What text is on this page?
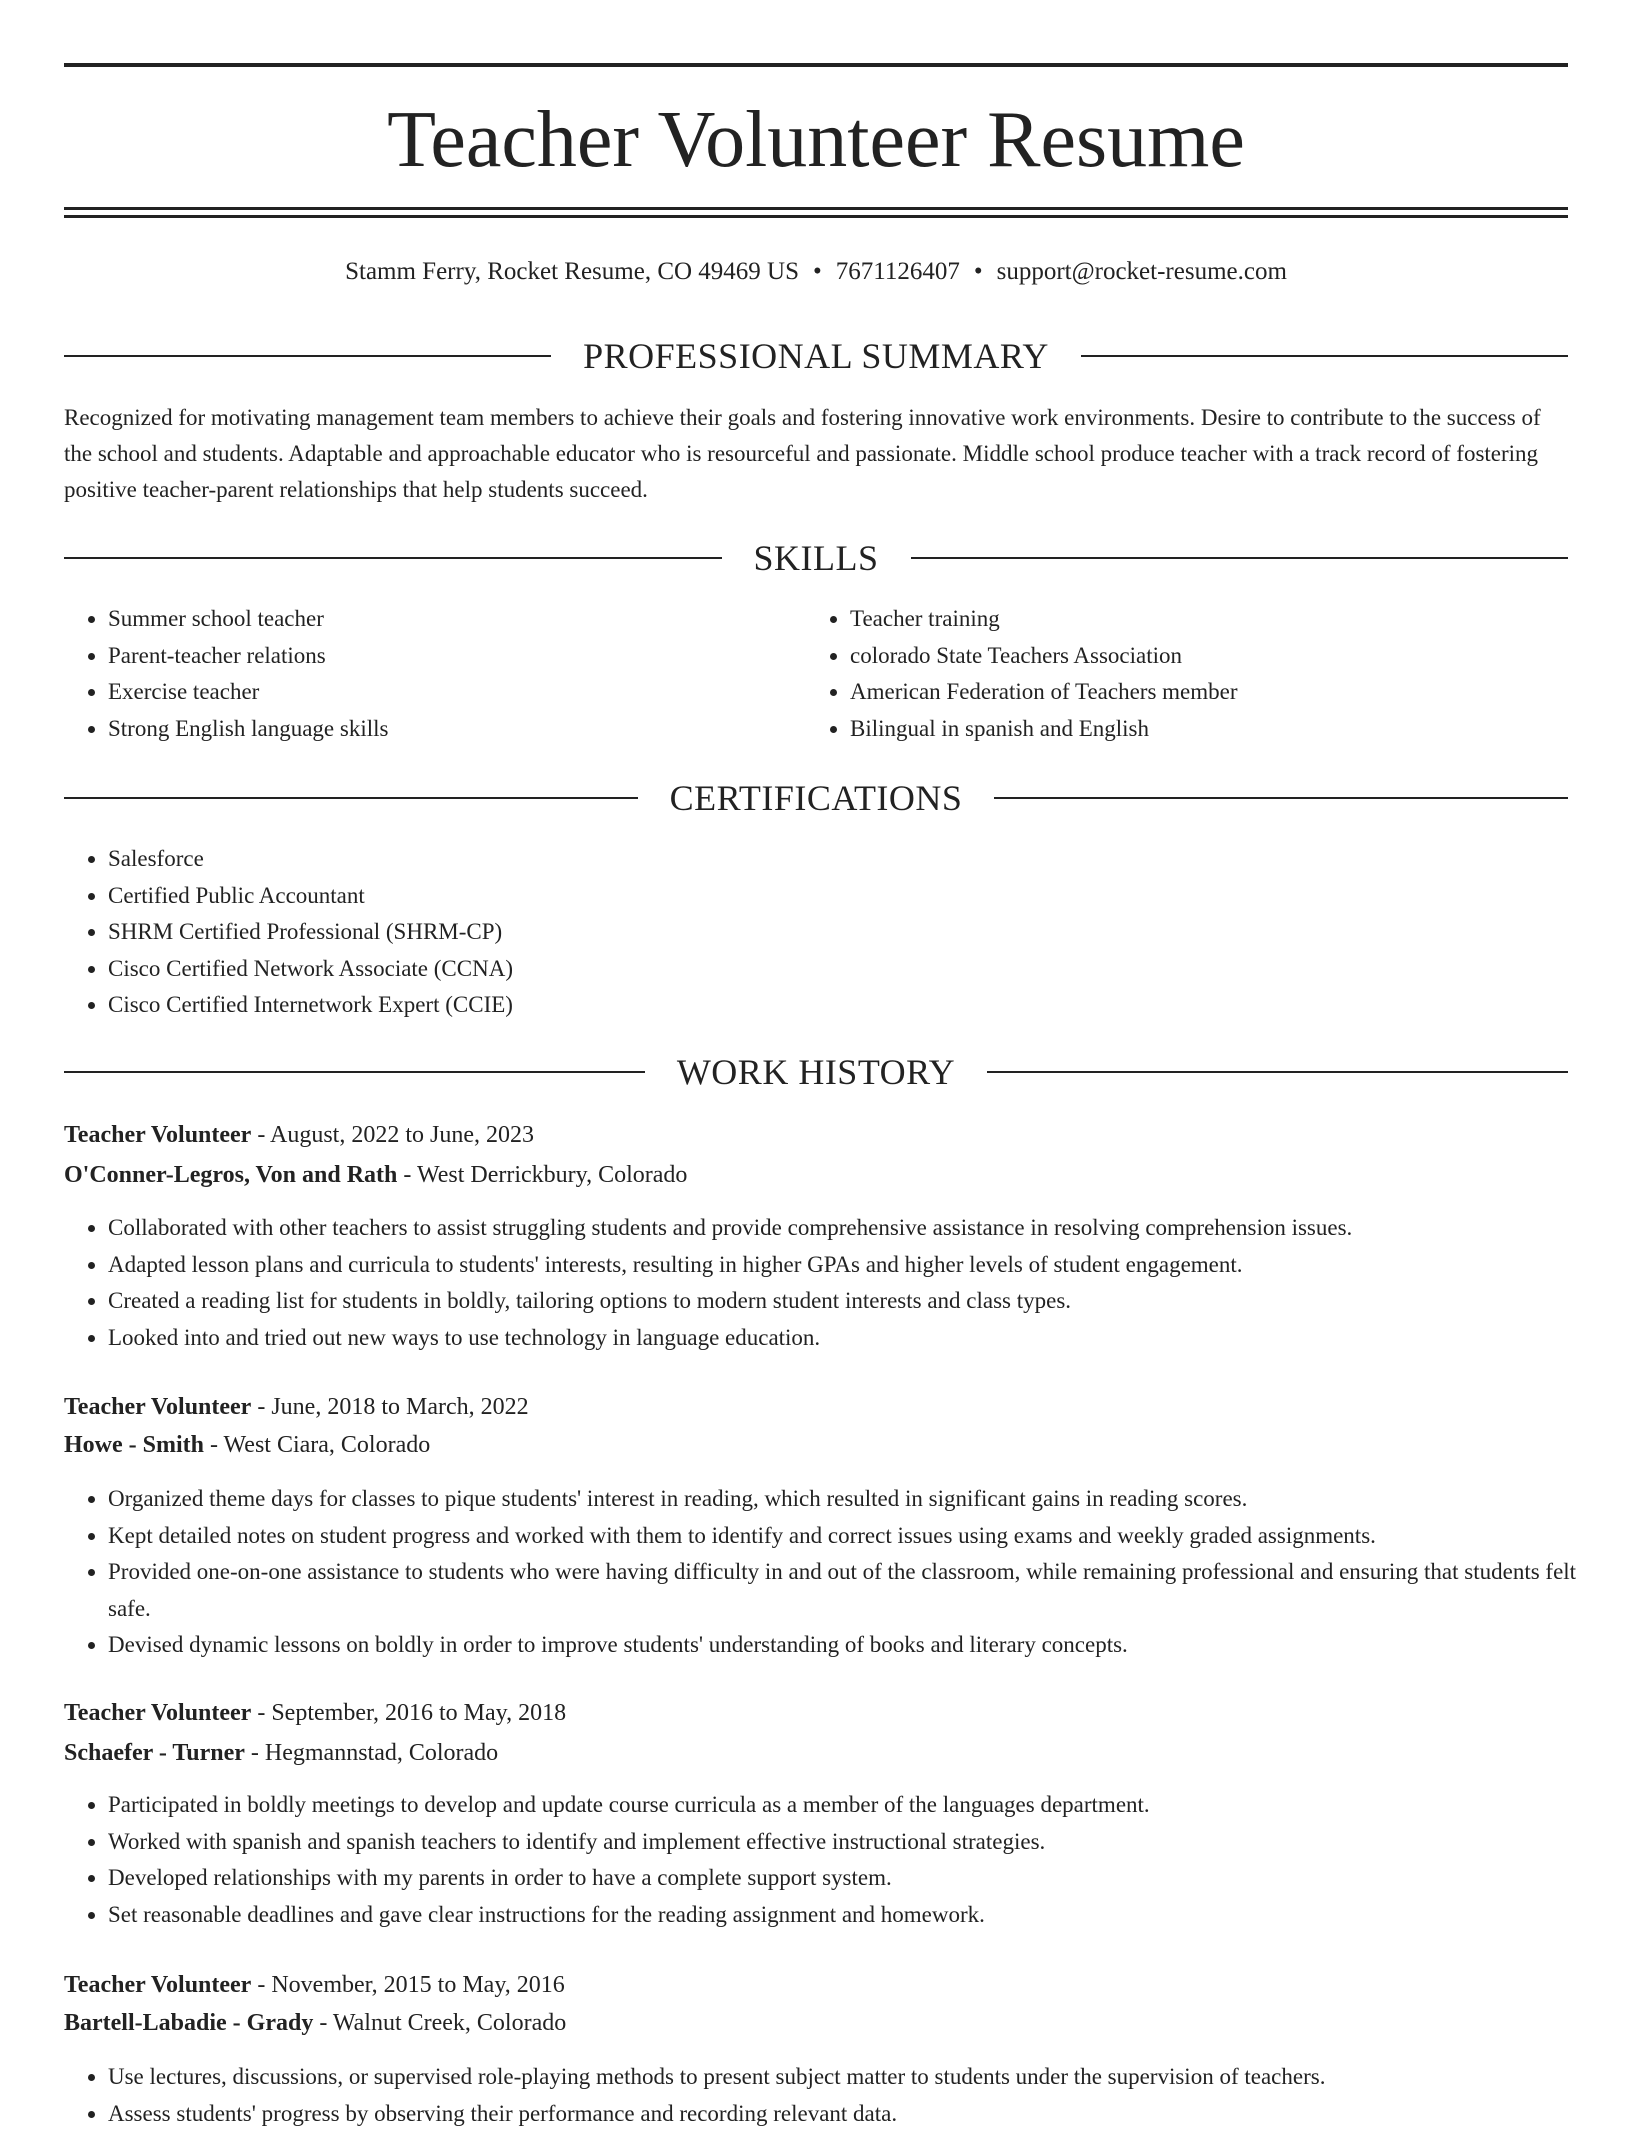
Teacher Volunteer Resume
Stamm Ferry, Rocket Resume, CO 49469 US • 7671126407 • support@rocket-resume.com
PROFESSIONAL SUMMARY

Recognized for motivating management team members to achieve their goals and fostering innovative work environments. Desire to contribute to the success of the school and students. Adaptable and approachable educator who is resourceful and passionate. Middle school produce teacher with a track record of fostering positive teacher-parent relationships that help students succeed.

SKILLS
• Summer school teacher
• Parent-teacher relations
• Exercise teacher
• Strong English language skills
• Teacher training
• colorado State Teachers Association
• American Federation of Teachers member
• Bilingual in spanish and English
CERTIFICATIONS
• Salesforce
• Certified Public Accountant
• SHRM Certified Professional (SHRM-CP)
• Cisco Certified Network Associate (CCNA)
• Cisco Certified Internetwork Expert (CCIE)
WORK HISTORY
Teacher Volunteer - August, 2022 to June, 2023
O'Conner-Legros, Von and Rath - West Derrickbury, Colorado
• Collaborated with other teachers to assist struggling students and provide comprehensive assistance in resolving comprehension issues.
• Adapted lesson plans and curricula to students' interests, resulting in higher GPAs and higher levels of student engagement.
• Created a reading list for students in boldly, tailoring options to modern student interests and class types.
• Looked into and tried out new ways to use technology in language education.
Teacher Volunteer - June, 2018 to March, 2022
Howe - Smith - West Ciara, Colorado
• Organized theme days for classes to pique students' interest in reading, which resulted in significant gains in reading scores.
• Kept detailed notes on student progress and worked with them to identify and correct issues using exams and weekly graded assignments.
• Provided one-on-one assistance to students who were having difficulty in and out of the classroom, while remaining professional and ensuring that students felt safe.
• Devised dynamic lessons on boldly in order to improve students' understanding of books and literary concepts.
Teacher Volunteer - September, 2016 to May, 2018
Schaefer - Turner - Hegmannstad, Colorado
• Participated in boldly meetings to develop and update course curricula as a member of the languages department.
• Worked with spanish and spanish teachers to identify and implement effective instructional strategies.
• Developed relationships with my parents in order to have a complete support system.
• Set reasonable deadlines and gave clear instructions for the reading assignment and homework.
Teacher Volunteer - November, 2015 to May, 2016
Bartell-Labadie - Grady - Walnut Creek, Colorado
• Use lectures, discussions, or supervised role-playing methods to present subject matter to students under the supervision of teachers.
• Assess students' progress by observing their performance and recording relevant data.
